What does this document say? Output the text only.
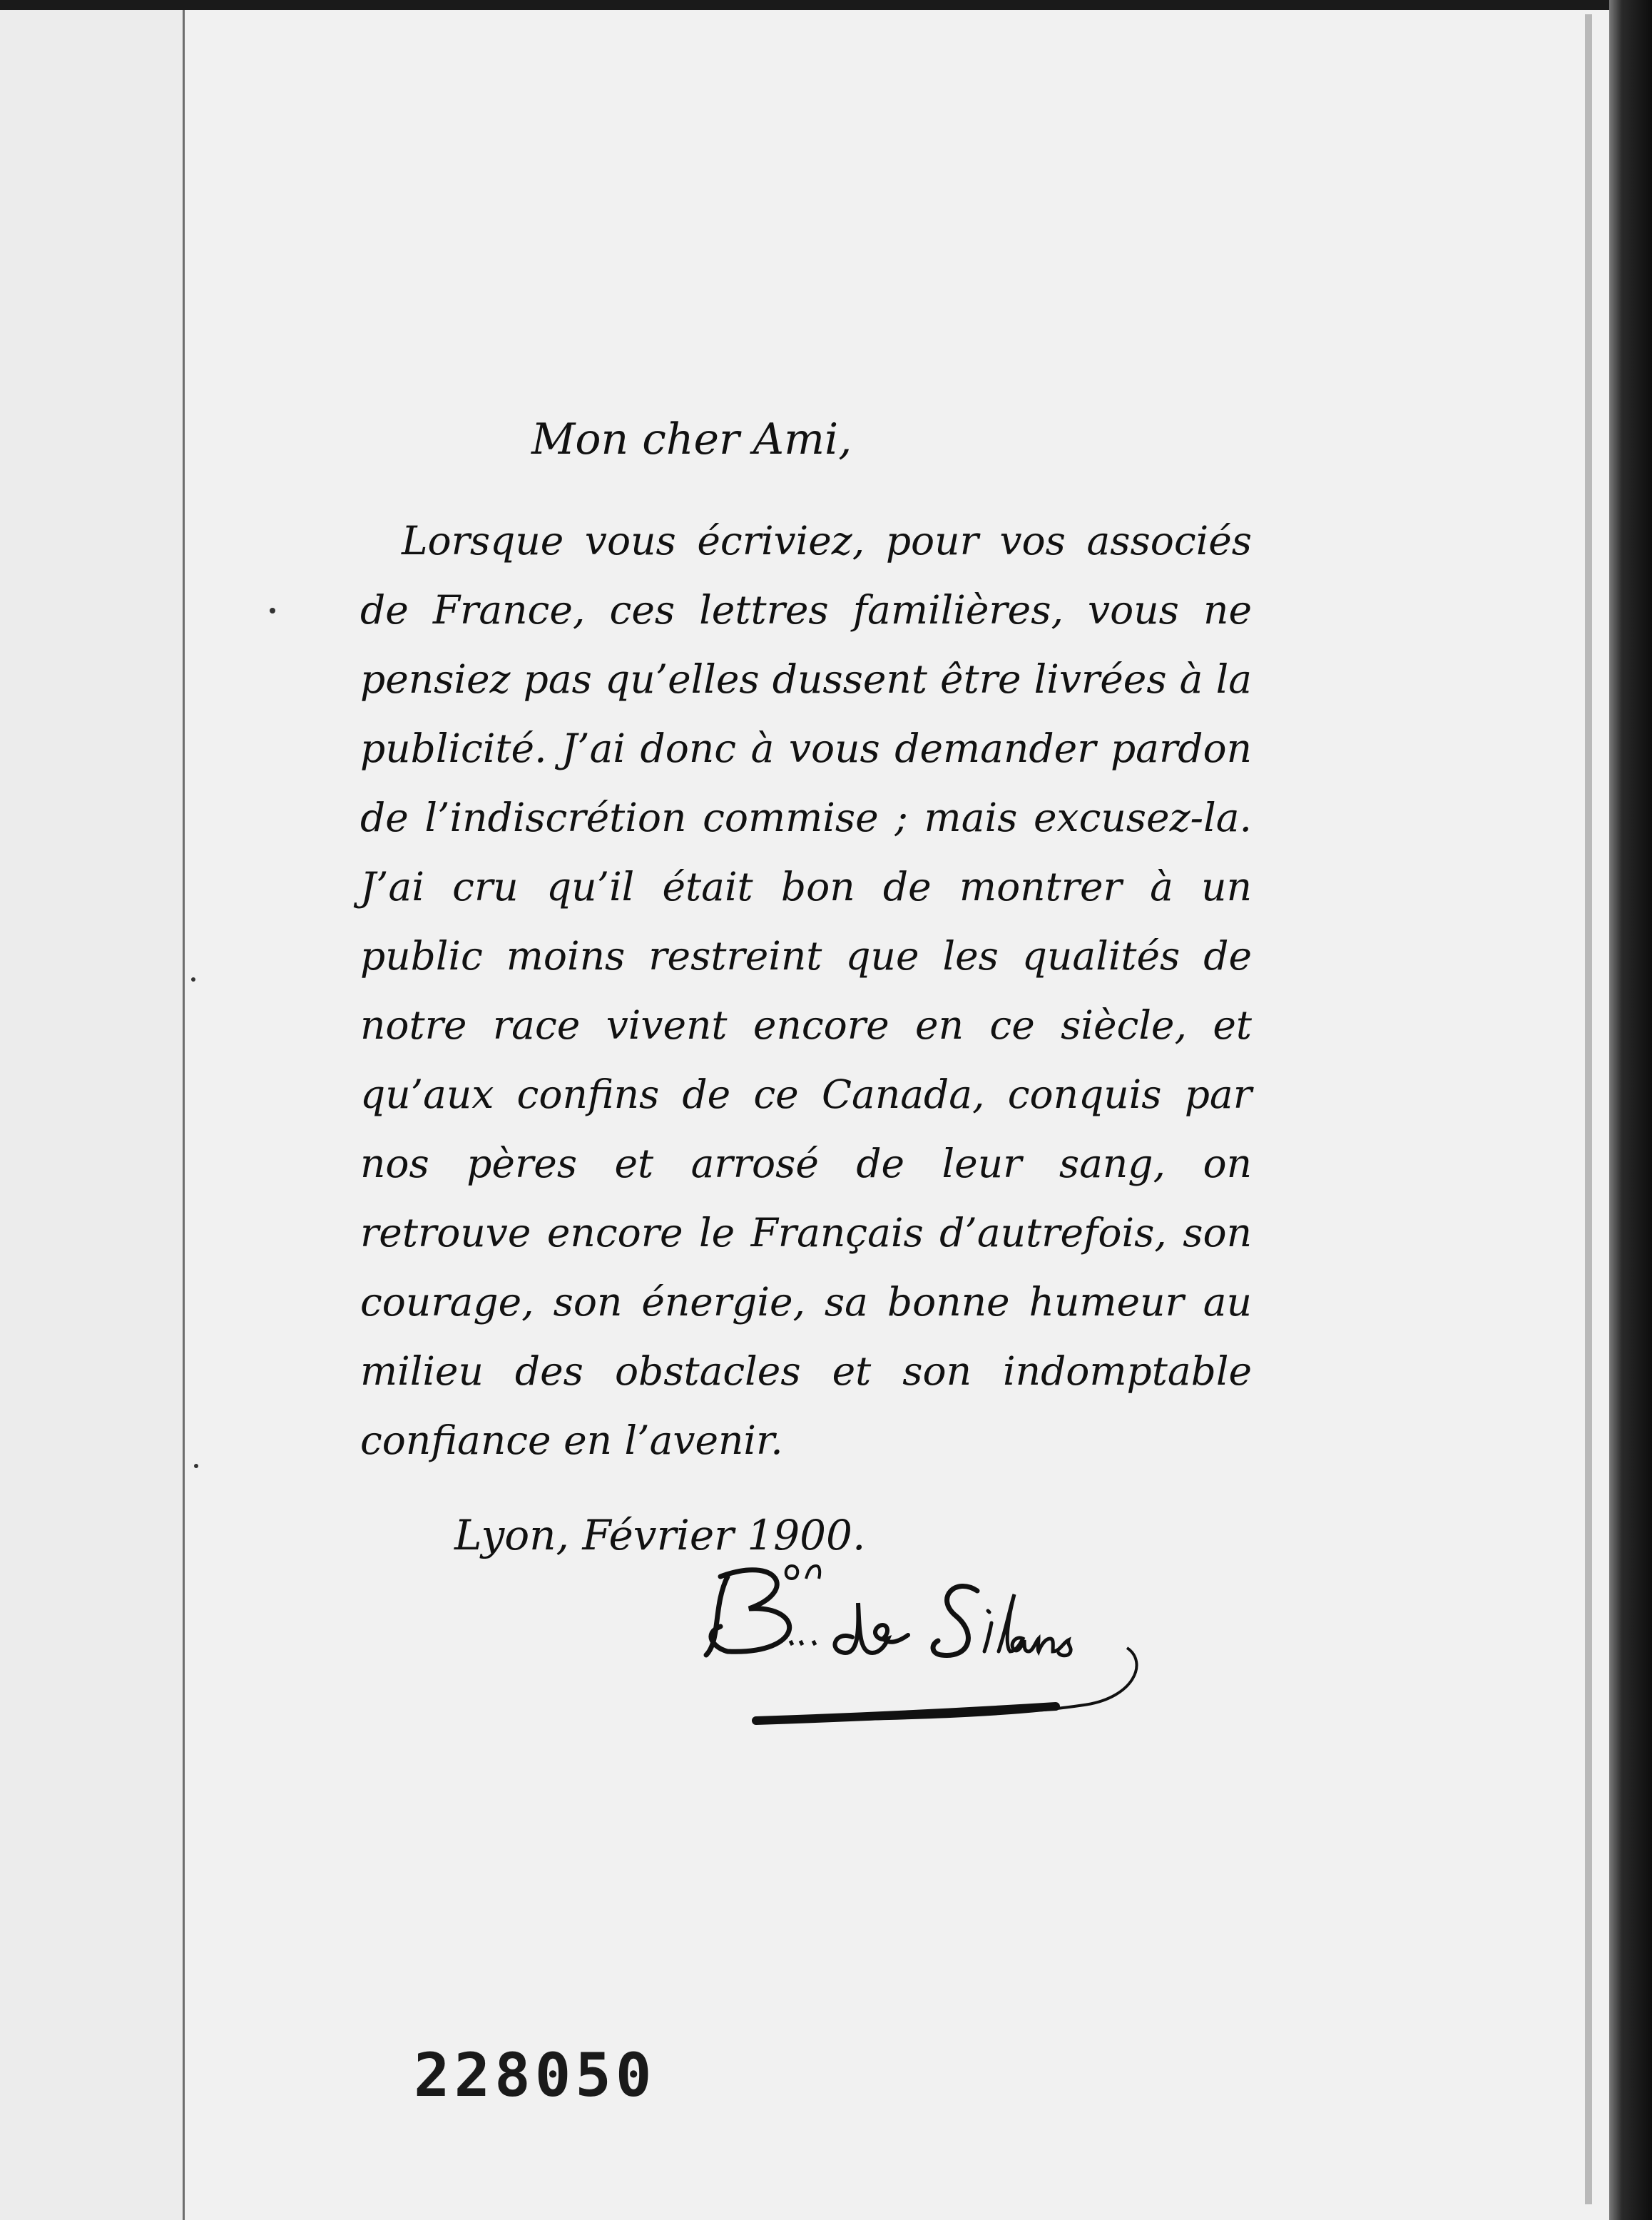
Mon cher Ami,

Lorsque vous écriviez, pour vos associés de France, ces lettres familières, vous ne pensiez pas qu’elles dussent être livrées à la publicité. J’ai donc à vous demander pardon de l’indiscrétion commise ; mais excusez-la. J’ai cru qu’il était bon de montrer à un public moins restreint que les qualités de notre race vivent encore en ce siècle, et qu’aux confins de ce Canada, conquis par nos pères et arrosé de leur sang, on retrouve encore le Français d’autrefois, son courage, son énergie, sa bonne humeur au milieu des obstacles et son indomptable confiance en l’avenir.

Lyon, Février 1900.
228050
